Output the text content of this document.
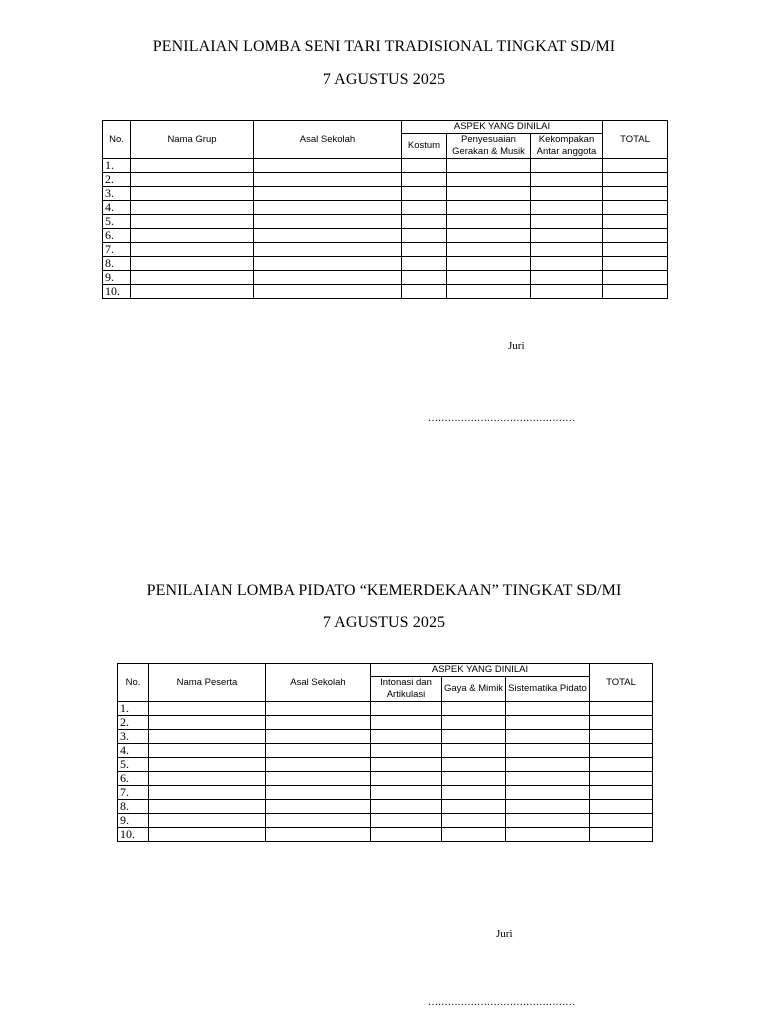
PENILAIAN LOMBA SENI TARI TRADISIONAL TINGKAT SD/MI
7 AGUSTUS 2025
No.	Nama Grup	Asal Sekolah	ASPEK YANG DINILAI			TOTAL
			Kostum	Penyesuaian Gerakan & Musik	Kekompakan Antar anggota	
1.						
2.						
3.						
4.						
5.						
6.						
7.						
8.						
9.						
10.						
Juri
………………………………………
PENILAIAN LOMBA PIDATO “KEMERDEKAAN” TINGKAT SD/MI
7 AGUSTUS 2025
No.	Nama Peserta	Asal Sekolah	ASPEK YANG DINILAI			TOTAL
			Intonasi dan Artikulasi	Gaya & Mimik	Sistematika Pidato	
1.						
2.						
3.						
4.						
5.						
6.						
7.						
8.						
9.						
10.						
Juri
………………………………………
